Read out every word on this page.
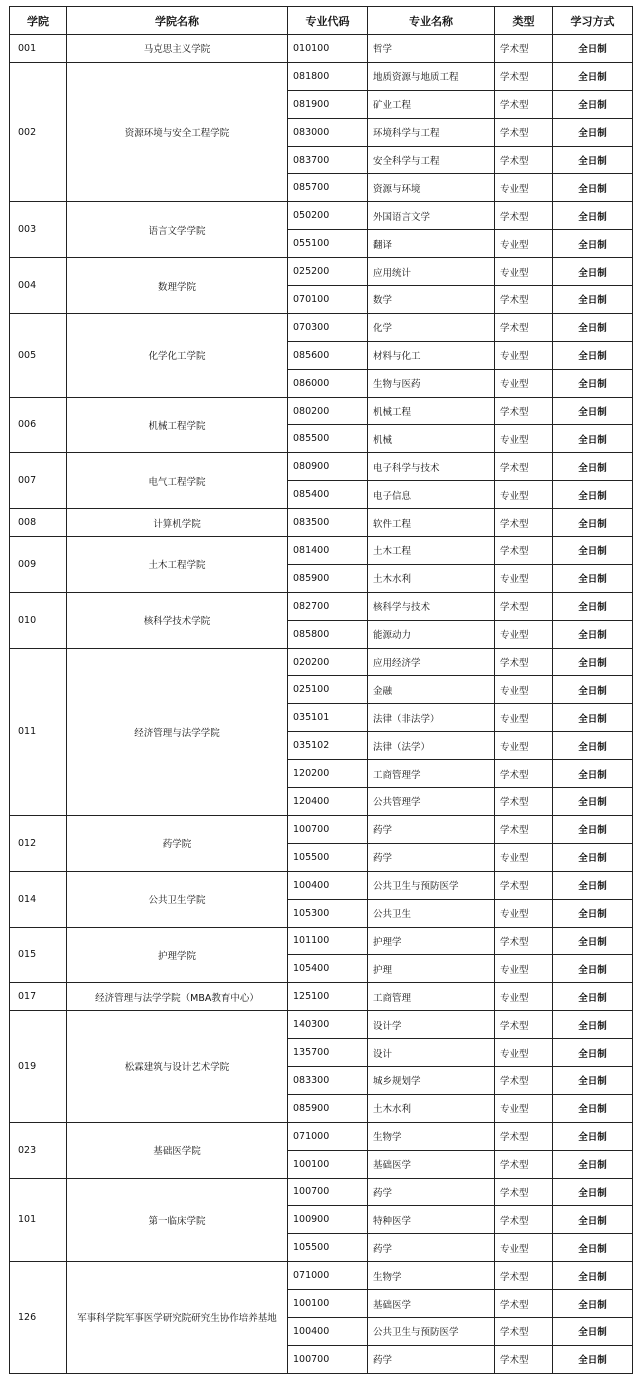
学院	学院名称	专业代码	专业名称	类型	学习方式
001	马克思主义学院	010100	哲学	学术型	全日制
002	资源环境与安全工程学院	081800	地质资源与地质工程	学术型	全日制
		081900	矿业工程	学术型	全日制
		083000	环境科学与工程	学术型	全日制
		083700	安全科学与工程	学术型	全日制
		085700	资源与环境	专业型	全日制
003	语言文学学院	050200	外国语言文学	学术型	全日制
		055100	翻译	专业型	全日制
004	数理学院	025200	应用统计	专业型	全日制
		070100	数学	学术型	全日制
005	化学化工学院	070300	化学	学术型	全日制
		085600	材料与化工	专业型	全日制
		086000	生物与医药	专业型	全日制
006	机械工程学院	080200	机械工程	学术型	全日制
		085500	机械	专业型	全日制
007	电气工程学院	080900	电子科学与技术	学术型	全日制
		085400	电子信息	专业型	全日制
008	计算机学院	083500	软件工程	学术型	全日制
009	土木工程学院	081400	土木工程	学术型	全日制
		085900	土木水利	专业型	全日制
010	核科学技术学院	082700	核科学与技术	学术型	全日制
		085800	能源动力	专业型	全日制
011	经济管理与法学学院	020200	应用经济学	学术型	全日制
		025100	金融	专业型	全日制
		035101	法律（非法学）	专业型	全日制
		035102	法律（法学）	专业型	全日制
		120200	工商管理学	学术型	全日制
		120400	公共管理学	学术型	全日制
012	药学院	100700	药学	学术型	全日制
		105500	药学	专业型	全日制
014	公共卫生学院	100400	公共卫生与预防医学	学术型	全日制
		105300	公共卫生	专业型	全日制
015	护理学院	101100	护理学	学术型	全日制
		105400	护理	专业型	全日制
017	经济管理与法学学院（MBA教育中心）	125100	工商管理	专业型	全日制
019	松霖建筑与设计艺术学院	140300	设计学	学术型	全日制
		135700	设计	专业型	全日制
		083300	城乡规划学	学术型	全日制
		085900	土木水利	专业型	全日制
023	基础医学院	071000	生物学	学术型	全日制
		100100	基础医学	学术型	全日制
101	第一临床学院	100700	药学	学术型	全日制
		100900	特种医学	学术型	全日制
		105500	药学	专业型	全日制
126	军事科学院军事医学研究院研究生协作培养基地	071000	生物学	学术型	全日制
		100100	基础医学	学术型	全日制
		100400	公共卫生与预防医学	学术型	全日制
		100700	药学	学术型	全日制
